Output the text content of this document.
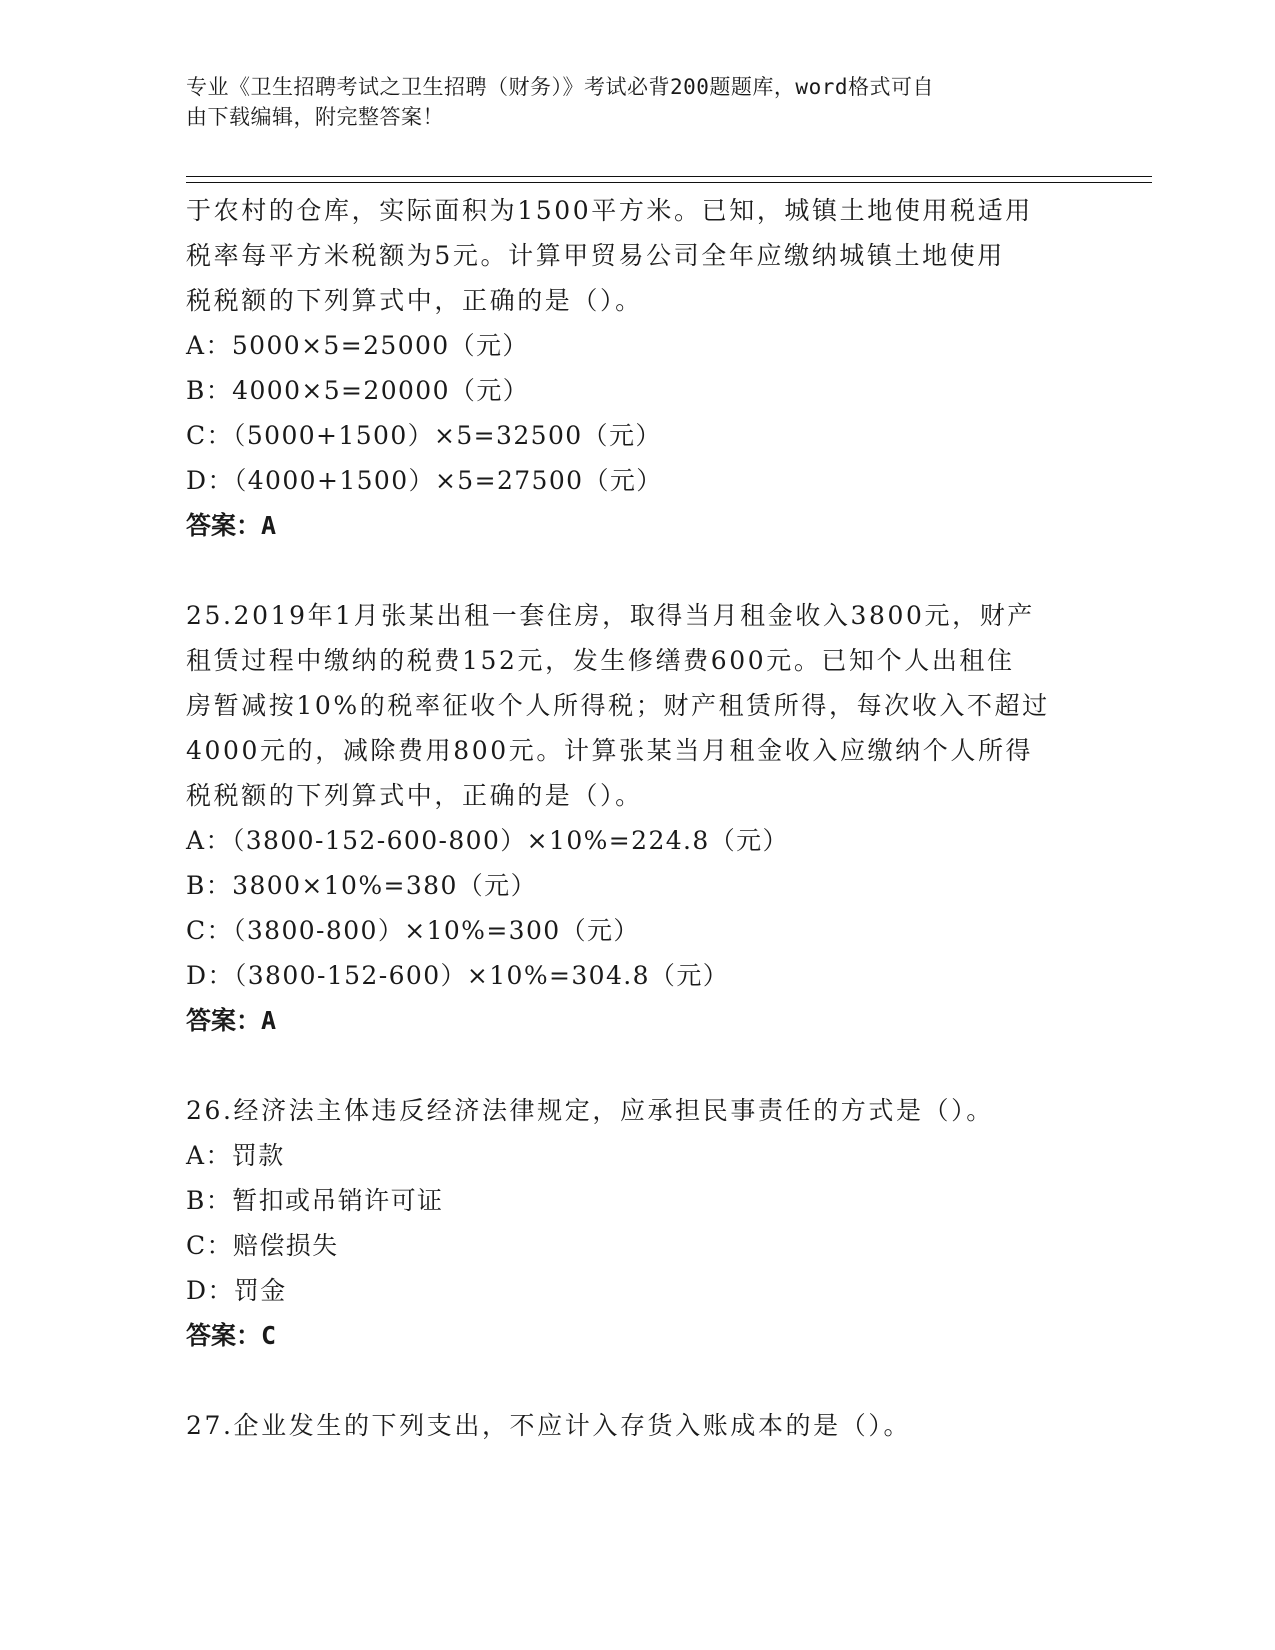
专业《卫生招聘考试之卫生招聘（财务）》考试必背200题题库，word格式可自
由下载编辑，附完整答案！

于农村的仓库，实际面积为1500平方米。已知，城镇土地使用税适用

税率每平方米税额为5元。计算甲贸易公司全年应缴纳城镇土地使用

税税额的下列算式中，正确的是（）。

A：5000×5=25000（元）

B：4000×5=20000（元）

C：（5000+1500）×5=32500（元）

D：（4000+1500）×5=27500（元）

答案：A

25.2019年1月张某出租一套住房，取得当月租金收入3800元，财产

租赁过程中缴纳的税费152元，发生修缮费600元。已知个人出租住

房暂减按10%的税率征收个人所得税；财产租赁所得，每次收入不超过

4000元的，减除费用800元。计算张某当月租金收入应缴纳个人所得

税税额的下列算式中，正确的是（）。

A：（3800-152-600-800）×10%=224.8（元）

B：3800×10%=380（元）

C：（3800-800）×10%=300（元）

D：（3800-152-600）×10%=304.8（元）

答案：A

26.经济法主体违反经济法律规定，应承担民事责任的方式是（）。

A：罚款

B：暂扣或吊销许可证

C：赔偿损失

D：罚金

答案：C

27.企业发生的下列支出，不应计入存货入账成本的是（）。
